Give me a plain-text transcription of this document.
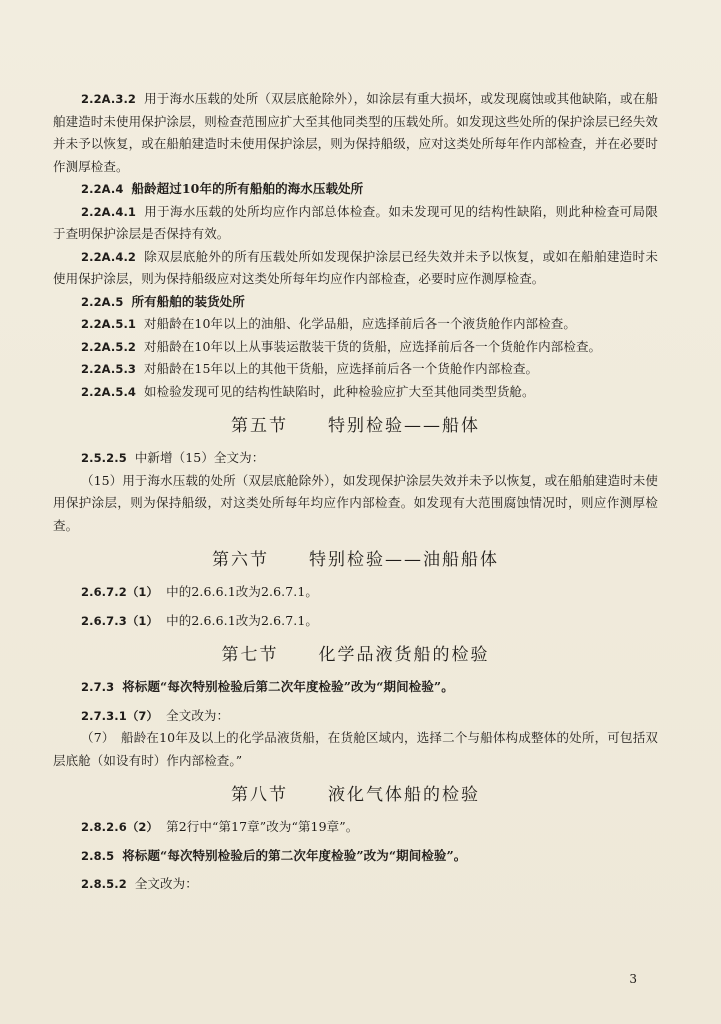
2.2A.3.2 用于海水压载的处所（双层底舱除外），如涂层有重大损坏，或发现腐蚀或其他缺陷，或在船舶建造时未使用保护涂层，则检查范围应扩大至其他同类型的压载处所。如发现这些处所的保护涂层已经失效并未予以恢复，或在船舶建造时未使用保护涂层，则为保持船级，应对这类处所每年作内部检查，并在必要时作测厚检查。

2.2A.4 船龄超过10年的所有船舶的海水压载处所

2.2A.4.1 用于海水压载的处所均应作内部总体检查。如未发现可见的结构性缺陷，则此种检查可局限于查明保护涂层是否保持有效。

2.2A.4.2 除双层底舱外的所有压载处所如发现保护涂层已经失效并未予以恢复，或如在船舶建造时未使用保护涂层，则为保持船级应对这类处所每年均应作内部检查，必要时应作测厚检查。

2.2A.5 所有船舶的装货处所

2.2A.5.1 对船龄在10年以上的油船、化学品船，应选择前后各一个液货舱作内部检查。

2.2A.5.2 对船龄在10年以上从事装运散装干货的货船，应选择前后各一个货舱作内部检查。

2.2A.5.3 对船龄在15年以上的其他干货船，应选择前后各一个货舱作内部检查。

2.2A.5.4 如检验发现可见的结构性缺陷时，此种检验应扩大至其他同类型货舱。

第五节 特别检验——船体

2.5.2.5 中新增（15）全文为：

（15）用于海水压载的处所（双层底舱除外），如发现保护涂层失效并未予以恢复，或在船舶建造时未使用保护涂层，则为保持船级，对这类处所每年均应作内部检查。如发现有大范围腐蚀情况时，则应作测厚检查。

第六节 特别检验——油船船体

2.6.7.2（1） 中的2.6.6.1改为2.6.7.1。

2.6.7.3（1） 中的2.6.6.1改为2.6.7.1。

第七节 化学品液货船的检验

2.7.3 将标题“每次特别检验后第二次年度检验”改为“期间检验”。

2.7.3.1（7） 全文改为：

（7）　船龄在10年及以上的化学品液货船，在货舱区域内，选择二个与船体构成整体的处所，可包括双层底舱（如设有时）作内部检查。”

第八节 液化气体船的检验

2.8.2.6（2） 第2行中“第17章”改为“第19章”。

2.8.5 将标题“每次特别检验后的第二次年度检验”改为“期间检验”。

2.8.5.2 全文改为：

3
